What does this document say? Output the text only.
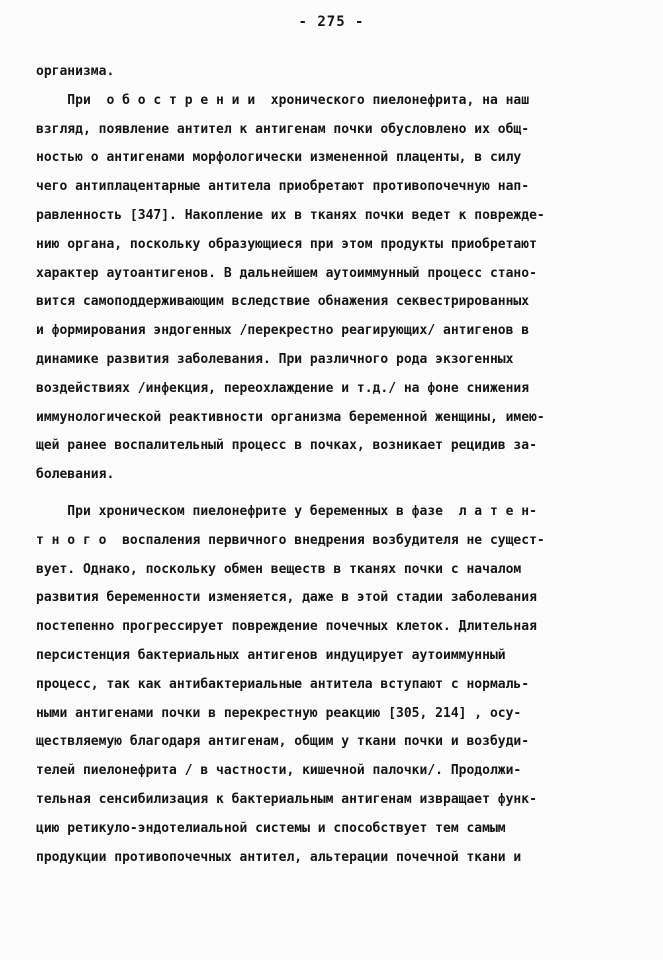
- 275 -
организма.
При  о б о с т р е н и и  хронического пиелонефрита, на наш
взгляд, появление антител к антигенам почки обусловлено их общ-
ностью о антигенами морфологически измененной плаценты, в силу
чего антиплацентарные антитела приобретают противопочечную нап-
равленность [347]. Накопление их в тканях почки ведет к поврежде-
нию органа, поскольку образующиеся при этом продукты приобретают
характер аутоантигенов. В дальнейшем аутоиммунный процесс стано-
вится самоподдерживающим вследствие обнажения секвестрированных
и формирования эндогенных /перекрестно реагирующих/ антигенов в
динамике развития заболевания. При различного рода экзогенных
воздействиях /инфекция, переохлаждение и т.д./ на фоне снижения
иммунологической реактивности организма беременной женщины, имею-
щей ранее воспалительный процесс в почках, возникает рецидив за-
болевания.
При хроническом пиелонефрите у беременных в фазе  л а т е н-
т н о г о  воспаления первичного внедрения возбудителя не сущест-
вует. Однако, поскольку обмен веществ в тканях почки с началом
развития беременности изменяется, даже в этой стадии заболевания
постепенно прогрессирует повреждение почечных клеток. Длительная
персистенция бактериальных антигенов индуцирует аутоиммунный
процесс, так как антибактериальные антитела вступают с нормаль-
ными антигенами почки в перекрестную реакцию [305, 214] , осу-
ществляемую благодаря антигенам, общим у ткани почки и возбуди-
телей пиелонефрита / в частности, кишечной палочки/. Продолжи-
тельная сенсибилизация к бактериальным антигенам извращает функ-
цию ретикуло-эндотелиальной системы и способствует тем самым
продукции противопочечных антител, альтерации почечной ткани и
